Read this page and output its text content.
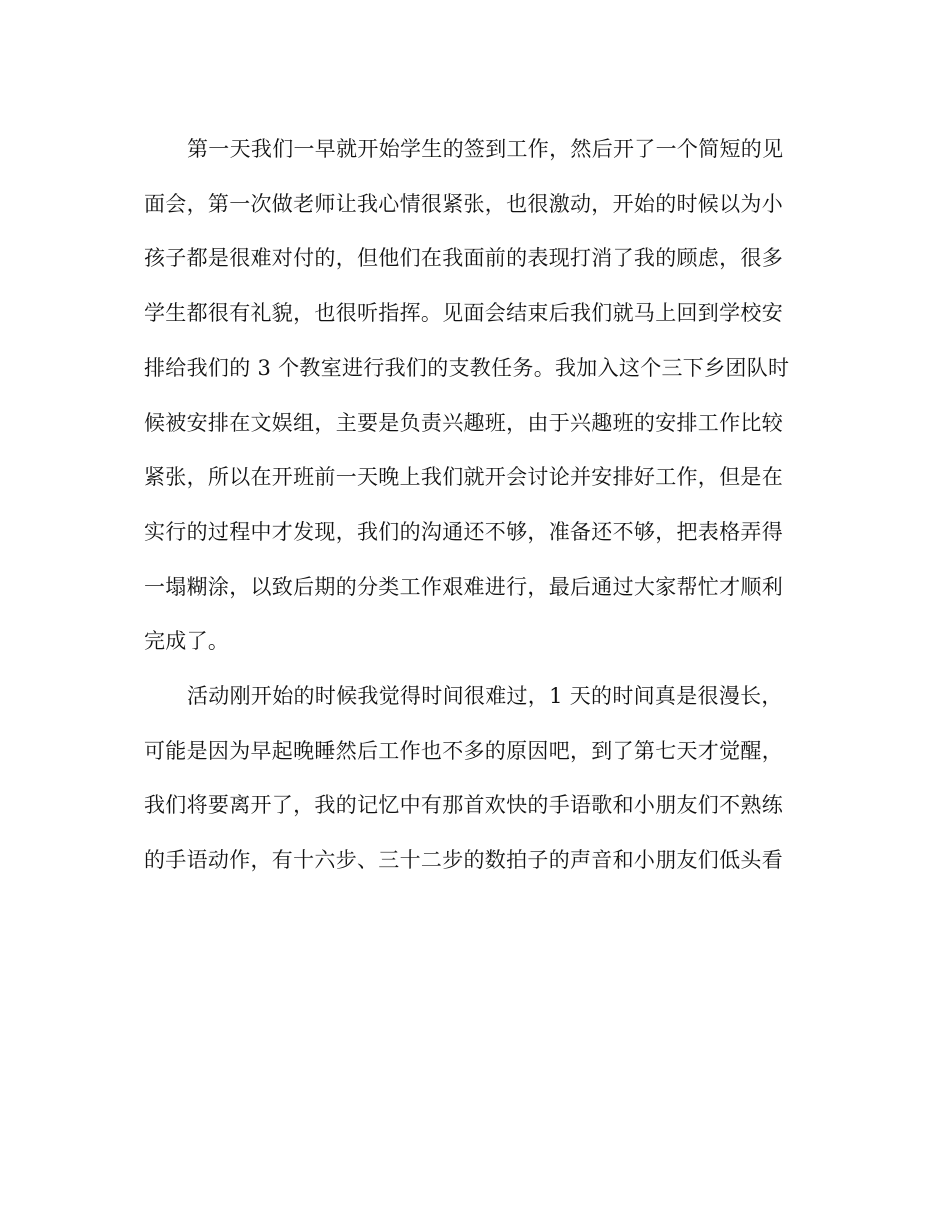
第一天我们一早就开始学生的签到工作，然后开了一个简短的见
面会，第一次做老师让我心情很紧张，也很激动，开始的时候以为小
孩子都是很难对付的，但他们在我面前的表现打消了我的顾虑，很多
学生都很有礼貌，也很听指挥。见面会结束后我们就马上回到学校安
排给我们的 3 个教室进行我们的支教任务。我加入这个三下乡团队时
候被安排在文娱组，主要是负责兴趣班，由于兴趣班的安排工作比较
紧张，所以在开班前一天晚上我们就开会讨论并安排好工作，但是在
实行的过程中才发现，我们的沟通还不够，准备还不够，把表格弄得
一塌糊涂，以致后期的分类工作艰难进行，最后通过大家帮忙才顺利
完成了。

活动刚开始的时候我觉得时间很难过，1 天的时间真是很漫长，
可能是因为早起晚睡然后工作也不多的原因吧，到了第七天才觉醒，
我们将要离开了，我的记忆中有那首欢快的手语歌和小朋友们不熟练
的手语动作，有十六步、三十二步的数拍子的声音和小朋友们低头看
